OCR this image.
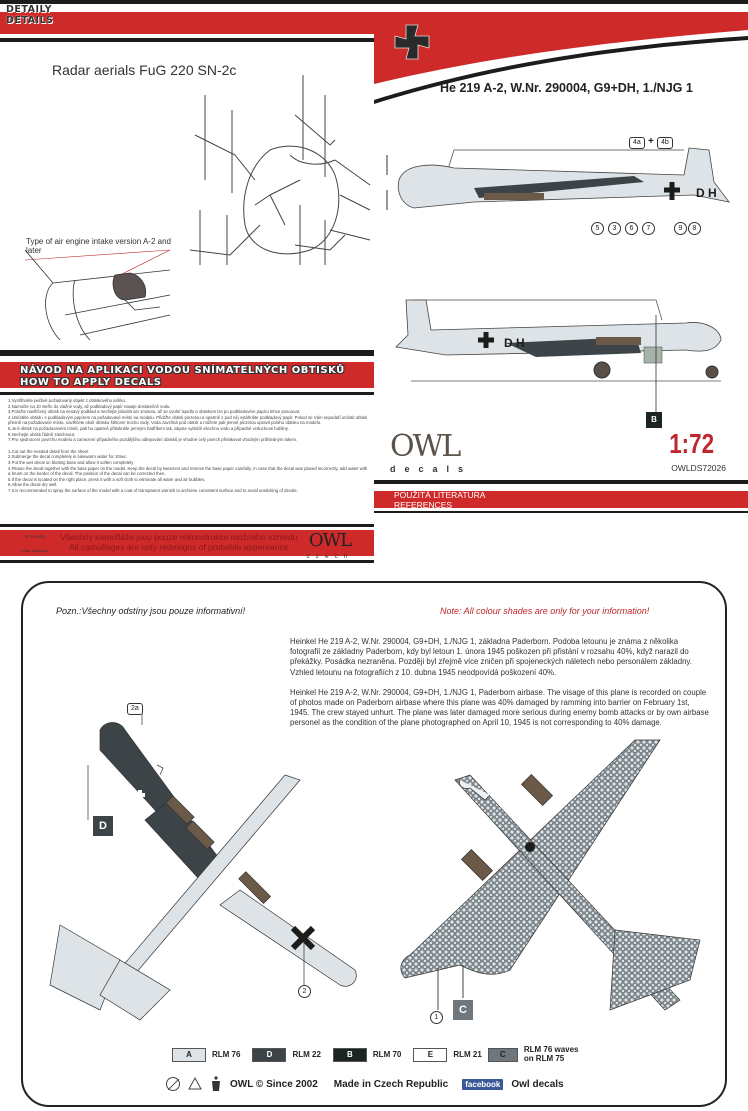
DETAILY
DETAILS
Radar aerials FuG 220 SN-2c
Type of air engine intake version A-2 and later
NÁVOD NA APLIKACI VODOU SNÍMATELNÝCH OBTISKŮ
HOW TO APPLY DECALS
1.Vystřihněte pečlivě požadovaný objekt z obtiskového aršíku.
2.Namočte na 10 vteřin do vlažné vody, až podkladový papír nasaje dostatečně vodu.
3.Položte navlhčený obtisk na nesavý podklad a nechejte působit asi 1minutu, až se uvolní lepidlo a obtiskem lze po podkladovém papíru lehce posouvat.
4.Umístěte obtisk i s podkladovým papírem na požadované místo na modelu. Přidržte obtisk pinzetou a opatrně z pod něj vytáhněte podkladový papír. Pokud se Vám nepodaří umístit obtisk přesně na požadované místo, navlhčete okolí obtisku štětcem trochu vody. Voda zavzlíná pod obtisk a můžete pak jemně pinzetou upravit polohu obtisku na modelu.
5.Je-li obtisk na požadovaném místě, pak ho opatrně přitiskněte jemným hadříkem tak, abyste vytlačili všechnu vodu a případné vzduchové bubliny.
6.Nechejte obtisk řádně zaschnout.
7.Pro sjednocení povrchu modelu a zamezení případného pozdějšího odlepování obtisků je vhodné celý povrch přelakovat vhodným průhledným lakem.
1.Cut out the needed detail from the sheet
2.Submerge the decal completely in lukewarm water for 10sec
3.Put the wet decal on blotting base and allow it soften completely
4.Please the decal together with the base paper on the model. Keep the decal by tweezers and remove the base paper carefully. In case that the decal was placed incorrectly, add water with a brush on the border of the decal. The position of the decal can be corrected then.
5.If the decal is located on the right place, press it with a soft cloth to eliminate all water and air bubbles.
6.Allow the decal dry well.
7.It is recommended to spray the surface of the model with a coat of transparent varnish to archieve consistent surface and to avoid unsticking of decals.
PETR HOBŽA
e-mail: owl@owl.cz
Všechny kamufláže jsou pouze rekonstrukce možného vzhledu.
All camuflages are only redesigns of probable appereance.	OWL
czech
He 219 A-2, W.Nr. 290004, G9+DH, 1./NJG 1
D H
4a +	4b
5	3	6	7	9	8
D H
B
OWL
decals
1:72
OWLDS72026
POUŽITÁ LITERATURA
REFERENCES
Pozn.:Všechny odstíny jsou pouze informativní!	Note: All colour shades are only for your information!

Heinkel He 219 A-2, W.Nr. 290004, G9+DH, 1./NJG 1, základna Paderborn. Podoba letounu je známa z několika fotografií ze základny Paderborn, kdy byl letoun 1. února 1945 poškozen při přistání v rozsahu 40%, když narazil do překážky. Posádka nezraněna. Později byl zřejmě více zničen při spojeneckých náletech nebo personálem základny. Vzhled letounu na fotografiích z 10. dubna 1945 neodpovídá poškození 40%.

Heinkel He 219 A-2, W.Nr. 290004, G9+DH, 1./NJG 1, Paderborn airbase. The visage of this plane is recorded on couple of photos made on Paderborn airbase where this plane was 40% damaged by ramming into barrier on February 1st, 1945. The crew stayed unhurt. The plane was later damaged more serious during enemy bomb attacks or by own airbase personel as the condition of the plane photographed on April 10, 1945 is not corresponding to 40% damage.

2a
D
2
1
C
A	RLM 76	D	RLM 22	B	RLM 70	E	RLM 21	C	RLM 76 waves
on RLM 75
OWL © Since 2002 Made in Czech Republic	facebook	Owl decals
